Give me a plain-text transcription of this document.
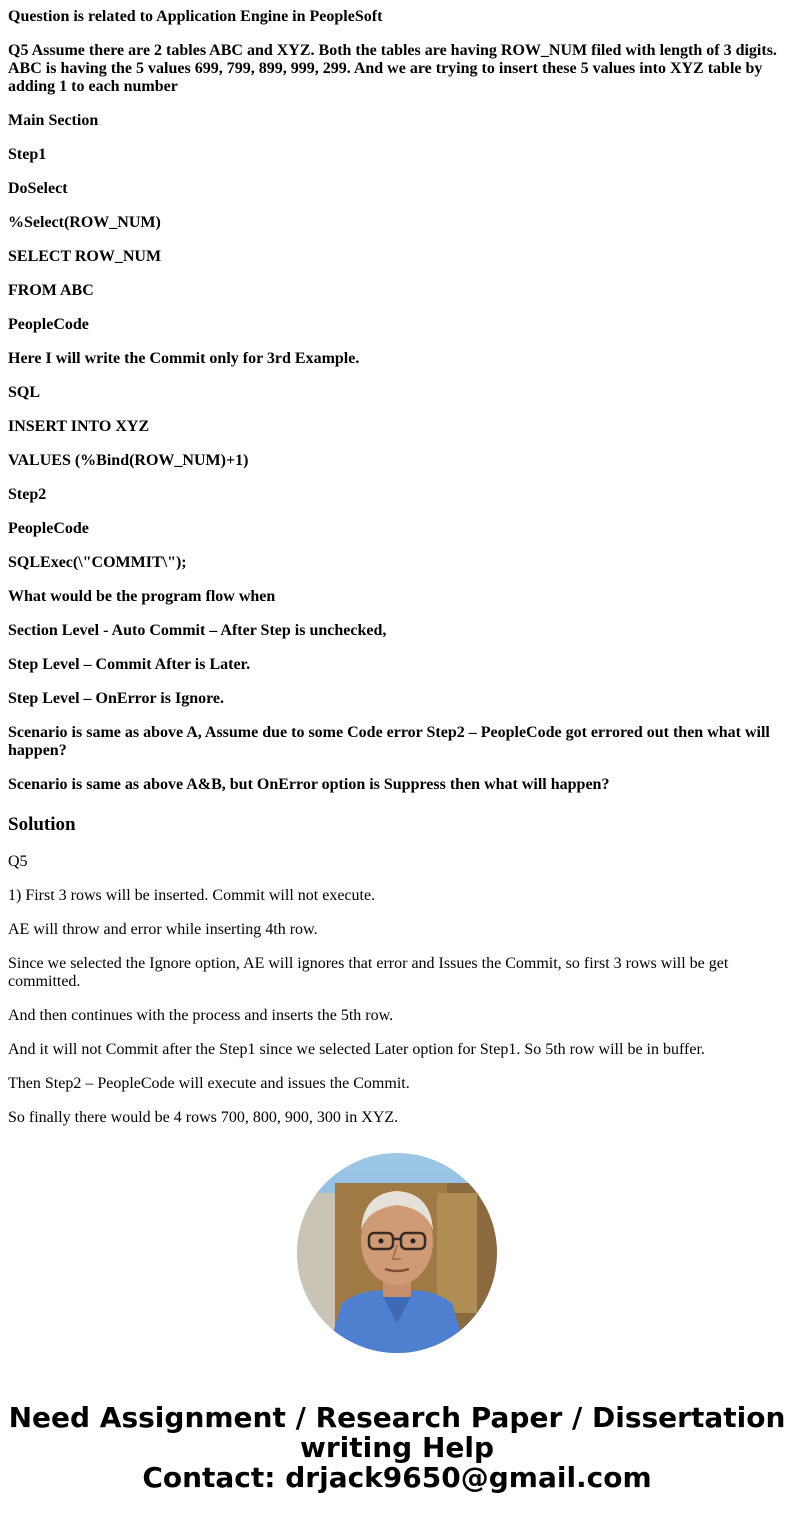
Question is related to Application Engine in PeopleSoft

Q5 Assume there are 2 tables ABC and XYZ. Both the tables are having ROW_NUM filed with length of 3 digits. ABC is having the 5 values 699, 799, 899, 999, 299. And we are trying to insert these 5 values into XYZ table by adding 1 to each number

Main Section

Step1

DoSelect

%Select(ROW_NUM)

SELECT ROW_NUM

FROM ABC

PeopleCode

Here I will write the Commit only for 3rd Example.

SQL

INSERT INTO XYZ

VALUES (%Bind(ROW_NUM)+1)

Step2

PeopleCode

SQLExec(\"COMMIT\");

What would be the program flow when

Section Level - Auto Commit – After Step is unchecked,

Step Level – Commit After is Later.

Step Level – OnError is Ignore.

Scenario is same as above A, Assume due to some Code error Step2 – PeopleCode got errored out then what will happen?

Scenario is same as above A&B, but OnError option is Suppress then what will happen?

Solution

Q5

1) First 3 rows will be inserted. Commit will not execute.

AE will throw and error while inserting 4th row.

Since we selected the Ignore option, AE will ignores that error and Issues the Commit, so first 3 rows will be get committed.

And then continues with the process and inserts the 5th row.

And it will not Commit after the Step1 since we selected Later option for Step1. So 5th row will be in buffer.

Then Step2 – PeopleCode will execute and issues the Commit.

So finally there would be 4 rows 700, 800, 900, 300 in XYZ.

Need Assignment / Research Paper / Dissertation
writing Help
Contact: drjack9650@gmail.com
